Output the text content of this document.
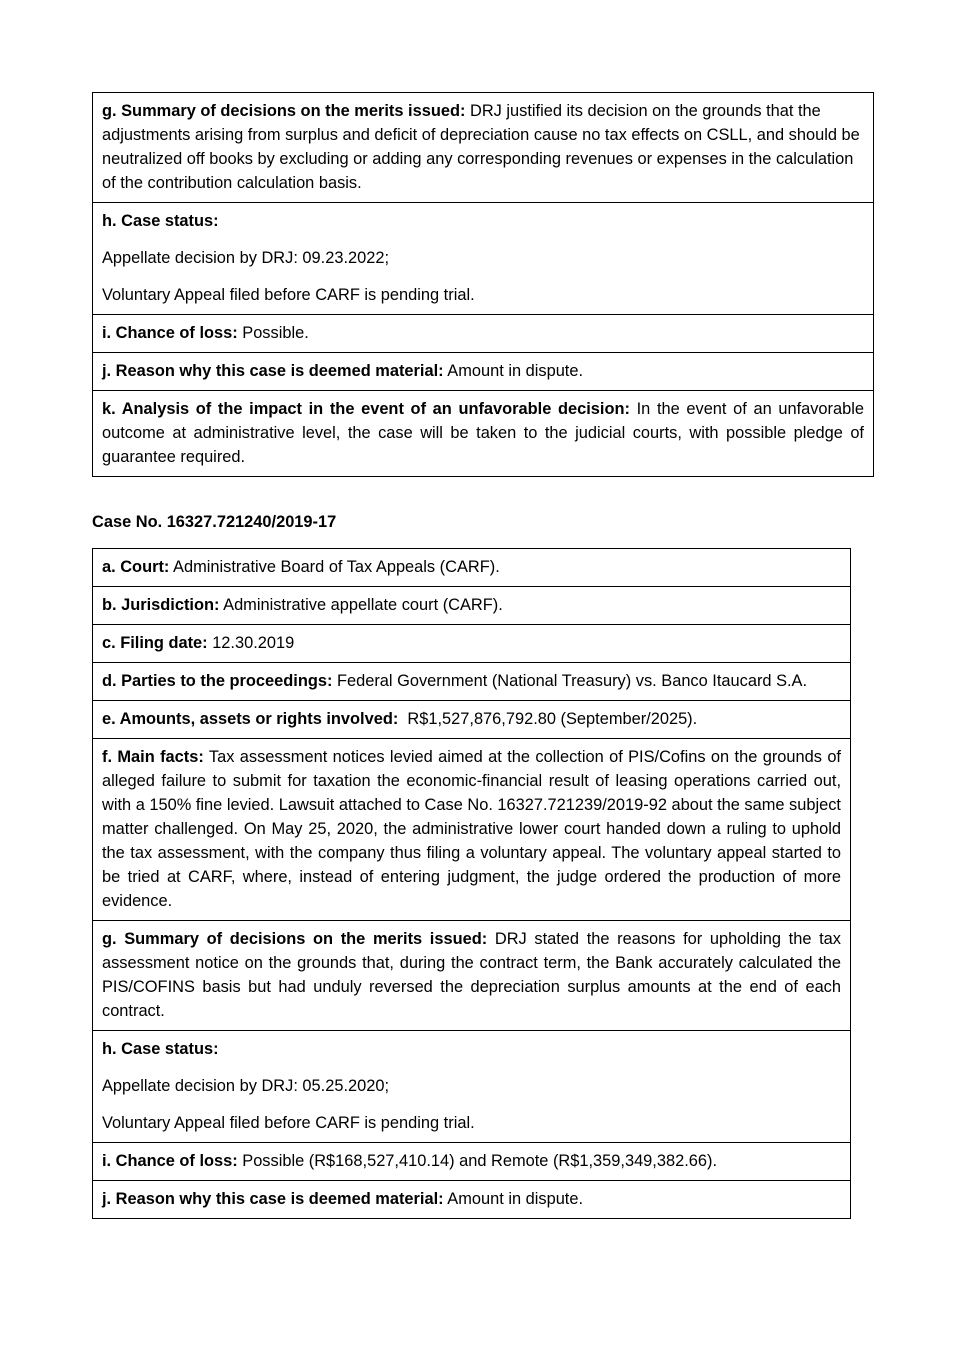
g. Summary of decisions on the merits issued: DRJ justified its decision on the grounds that the adjustments arising from surplus and deficit of depreciation cause no tax effects on CSLL, and should be neutralized off books by excluding or adding any corresponding revenues or expenses in the calculation of the contribution calculation basis.

h. Case status:

Appellate decision by DRJ: 09.23.2022;

Voluntary Appeal filed before CARF is pending trial.

i. Chance of loss: Possible.

j. Reason why this case is deemed material: Amount in dispute.

k. Analysis of the impact in the event of an unfavorable decision: In the event of an unfavorable outcome at administrative level, the case will be taken to the judicial courts, with possible pledge of guarantee required.

Case No. 16327.721240/2019-17

a. Court: Administrative Board of Tax Appeals (CARF).

b. Jurisdiction: Administrative appellate court (CARF).

c. Filing date: 12.30.2019

d. Parties to the proceedings: Federal Government (National Treasury) vs. Banco Itaucard S.A.

e. Amounts, assets or rights involved:  R$1,527,876,792.80 (September/2025).

f. Main facts: Tax assessment notices levied aimed at the collection of PIS/Cofins on the grounds of alleged failure to submit for taxation the economic-financial result of leasing operations carried out, with a 150% fine levied. Lawsuit attached to Case No. 16327.721239/2019-92 about the same subject matter challenged. On May 25, 2020, the administrative lower court handed down a ruling to uphold the tax assessment, with the company thus filing a voluntary appeal. The voluntary appeal started to be tried at CARF, where, instead of entering judgment, the judge ordered the production of more evidence.

g. Summary of decisions on the merits issued: DRJ stated the reasons for upholding the tax assessment notice on the grounds that, during the contract term, the Bank accurately calculated the PIS/COFINS basis but had unduly reversed the depreciation surplus amounts at the end of each contract.

h. Case status:

Appellate decision by DRJ: 05.25.2020;

Voluntary Appeal filed before CARF is pending trial.

i. Chance of loss: Possible (R$168,527,410.14) and Remote (R$1,359,349,382.66).

j. Reason why this case is deemed material: Amount in dispute.
